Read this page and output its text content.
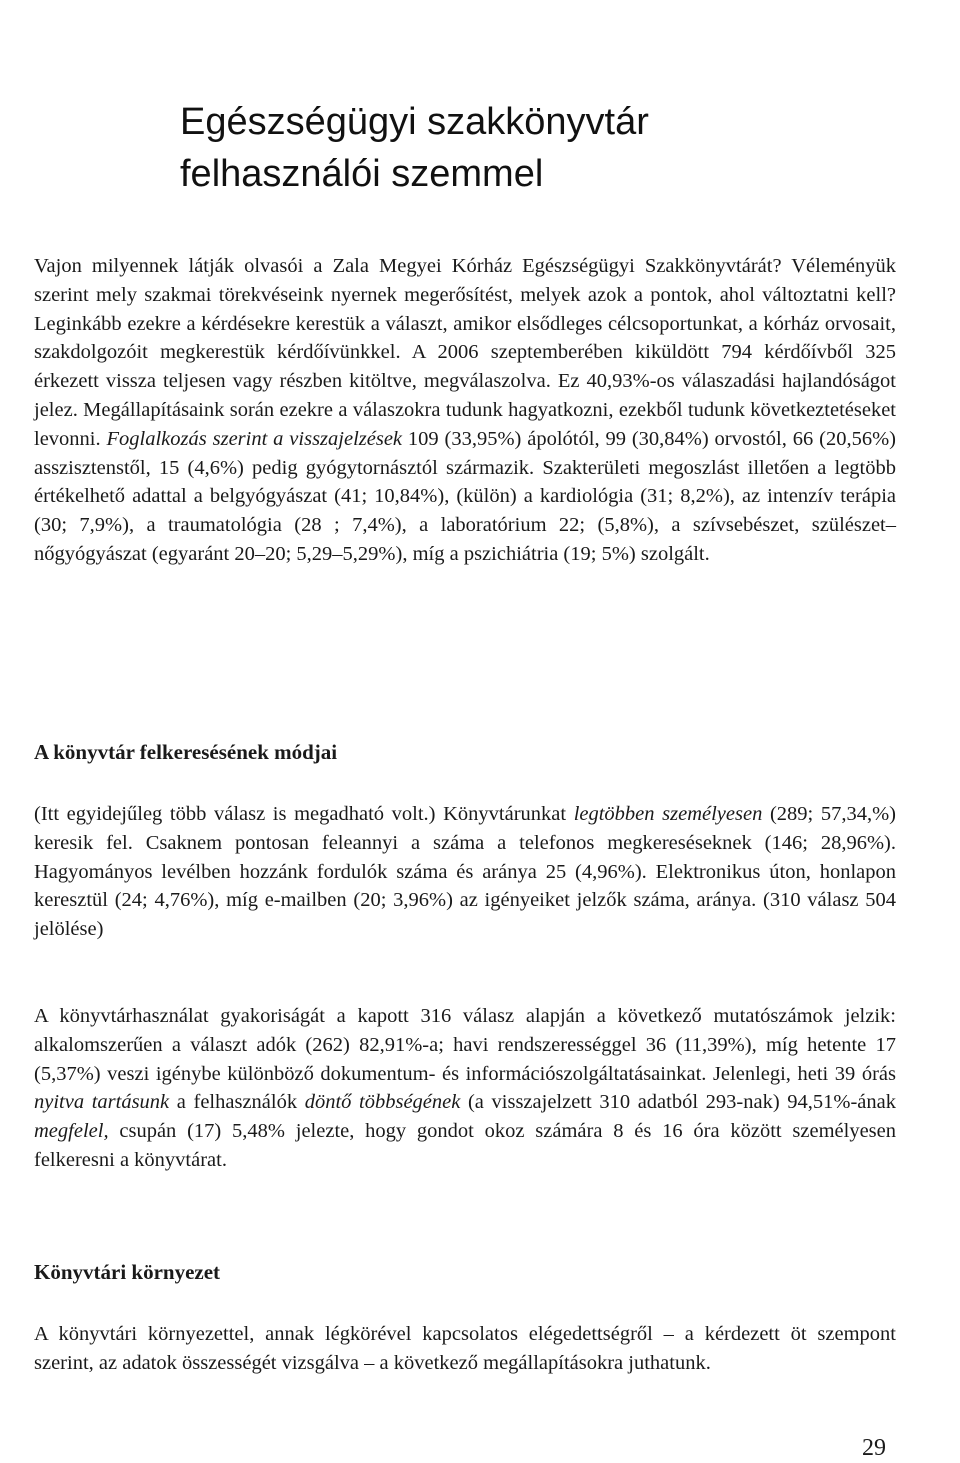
Egészségügyi szakkönyvtár
felhasználói szemmel

Vajon milyennek látják olvasói a Zala Megyei Kórház Egészségügyi Szakkönyvtárát? Véleményük szerint mely szakmai törekvéseink nyernek megerősítést, melyek azok a pontok, ahol változtatni kell? Leginkább ezekre a kérdésekre kerestük a választ, amikor elsődleges célcsoportunkat, a kórház orvosait, szakdolgozóit megkerestük kérdőívünkkel. A 2006 szeptemberében kiküldött 794 kérdőívből 325 érkezett vissza teljesen vagy részben kitöltve, megválaszolva. Ez 40,93%-os válaszadási hajlandóságot jelez. Megállapításaink során ezekre a válaszokra tudunk hagyatkozni, ezekből tudunk következtetéseket levonni. Foglalkozás szerint a visszajelzések 109 (33,95%) ápolótól, 99 (30,84%) orvostól, 66 (20,56%) asszisztenstől, 15 (4,6%) pedig gyógytornásztól származik. Szakterületi megoszlást illetően a legtöbb értékelhető adattal a belgyógyászat (41; 10,84%), (külön) a kardiológia (31; 8,2%), az intenzív terápia (30; 7,9%), a traumatológia (28 ; 7,4%), a laboratórium 22; (5,8%), a szívsebészet, szülészet–nőgyógyászat (egyaránt 20–20; 5,29–5,29%), míg a pszichiátria (19; 5%) szolgált.

A könyvtár felkeresésének módjai

(Itt egyidejűleg több válasz is megadható volt.) Könyvtárunkat legtöbben személyesen (289; 57,34,%) keresik fel. Csaknem pontosan feleannyi a száma a telefonos megkereséseknek (146; 28,96%). Hagyományos levélben hozzánk fordulók száma és aránya 25 (4,96%). Elektronikus úton, honlapon keresztül (24; 4,76%), míg e-mailben (20; 3,96%) az igényeiket jelzők száma, aránya. (310 válasz 504 jelölése)

A könyvtárhasználat gyakoriságát a kapott 316 válasz alapján a következő mutatószámok jelzik: alkalomszerűen a választ adók (262) 82,91%-a; havi rendszerességgel 36 (11,39%), míg hetente 17 (5,37%) veszi igénybe különböző dokumentum- és információszolgáltatásainkat. Jelenlegi, heti 39 órás nyitva tartásunk a felhasználók döntő többségének (a visszajelzett 310 adatból 293-nak) 94,51%-ának megfelel, csupán (17) 5,48% jelezte, hogy gondot okoz számára 8 és 16 óra között személyesen felkeresni a könyvtárat.

Könyvtári környezet

A könyvtári környezettel, annak légkörével kapcsolatos elégedettségről – a kérdezett öt szempont szerint, az adatok összességét vizsgálva – a következő megállapításokra juthatunk.

29
